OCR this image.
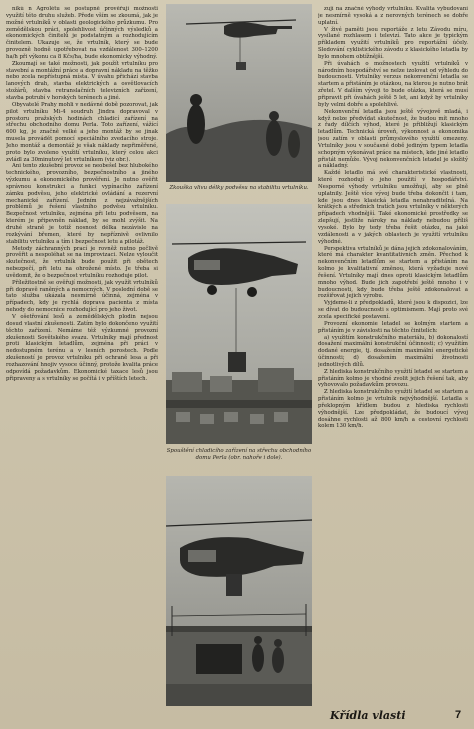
nikú n Agrolétu se postupně prověřují možnosti využití této druhu služeb. Přede vším se zkoumá, jak je možné vrtulníků v oblasti geologického průzkumu. Pro zemědělskou práci, spolehlivost účinných výsledků a ekonomických činitelů je podstatným a rozhodujícím činitelem. Ukazuje se, že vrtulník, který se bude provozně hodně upotřebovat na vzdálenost 300–1200 ha/h při výkonu ca 8 Kčs/ha, bude ekonomicky výhodný.

Zkoumají se také možnosti, jak použít vrtulníku pro stavební a montážní práce a dopravní nákladu na těžko nebo zcela nepřístupná místa. V úvahu přichází stavba lanových drah, stavba elektrických a osvětlovacích stožárů, stavba retranslačních televizních zařízení, stavba potrubí v horských terénech a jiné.

Obyvatelé Prahy mohli v nedávné době pozorovat, jak pilot vrtulníku Mi-4 soudruh Jindra dopravoval v prostoru pražských hodinách chladicí zařízení na střechu obchodního domu Perla. Toto zařízení, vážící 600 kg, je značně velké a jeho montáž by se jinak musela provádět pomocí speciálního zvedacího stroje. Jeho montáž a demontáž je však náklady nepřiměřené, proto bylo zvoleno využití vrtulníku, který celou akci zvládl za 30minutový let vrtulníkem (viz obr.).

Ani tento zkušební provoz se neobešel bez hlubokého technického, provozního, bezpečnostního a jiného výzkumu a ekonomického prověření. Je nutno ověřit správnou konstrukci a funkci vypínacího zařízení zámku podvěsu, jeho elektrické ovládání a rezervní mechanické zařízení. Jedním z nejzávažnějších problémů je řešení vlastního podvěsu vrtulníku. Bezpečnost vrtulníku, zejména při letu podvěsem, na kterém je připevněn náklad, by se mohl zvýšit. Na druhé straně je totiž nosnost délka nezávisle na rozkývání břemen, které by nepříznivě ovlivnilo stabilitu vrtulníku a tím i bezpečnost letu a pilotáž.

Metody záchranných prací je rovněž nutno pečlivě prověřit a nespoléhat se na improvizaci. Nelze vyloučit skutečnost, že vrtulník bude použit při obětech nebezpečí, při letu na ohrožené místo. Je třeba si uvědomit, že o bezpečnost vrtulníku rozhoduje pilot.

Příležitostně se ověřují možnosti, jak využít vrtulníků při dopravě raněných a nemocných. V poslední době se tato služba ukázala nesmírně účinná, zejména v případech, kdy je rychlá doprava pacienta z místa nehody do nemocnice rozhodující pro jeho život.

V ošetřování lesů a zemědělských plodin nejsou dosud vlastní zkušenosti. Zatím bylo dokončeno využití těchto zařízení. Nemáme též výzkumné provozní zkušenosti Sovětského svazu. Vrtulníky mají přednost proti klasickým letadlům, zejména při práci v nedostupném terénu a v lesních porostech. Podle zkušeností je provoz vrtulníku při ochraně lesa a při rozhazování hnojiv vysoce účinný, protože kvalita práce odpovídá požadavkům. Ekonomické taxace lesů jsou připraveny a s vrtulníky se počítá i v příštích letech.

Zkouška vlivu délky podvěsu na stabilitu vrtulníku.
Spouštění chladicího zařízení na střechu obchodního domu Perla (obr. nahoře i dole).

zují na značné výhody vrtulníku. Kvalita vybudovaní je nesmírně vysoká a z nerovných terénech se dobře uplatní.

V živé paměti jsou reportáže z letu Závodu míru, vysílané rozhlasem i televizí. Tato akce je typickým příkladem využití vrtulníků pro reportážní účely. Sledování cyklistického závodu z klasického letadla by bylo mnohem obtížnější.

Při úvahách o možnostech využití vrtulníků v národním hospodářství se nelze izolovat od výhledu do budoucnosti. Vrtulníky verzus nekonvenční letadla se startem a přistáním je otázkou, na kterou je nutno brát zřetel. V dalším vývoji to bude otázka, která se musí připravit při úvahách ještě 5 let, ani když by vrtulníky byly velmi dobře a spolehlivé.

Nekonvenční letadla jsou ještě vývojově mladá, i když nelze předvídat skutečnost, že budou mít mnoho z řady dílčích výhod, které je přibližují klasickým letadlům. Technická úroveň, výkonnost a ekonomika jsou zatím v oblasti průmyslového využití omezeny. Vrtulníky jsou v současné době jediným typem letadla schopným vykonávat práce na místech, kde jiné letadlo přistát nemůže. Vývoj nekonvenčních letadel je složitý a nákladný.

Každé letadlo má své charakteristické vlastnosti, které rozhodují o jeho použití v hospodářství. Nesporné výhody vrtulníku umožňují, aby se plně uplatnily. Ještě více vývoj bude třeba dokončit i tam, kde jsou dnes klasická letadla nenahraditelná. Na krátkých a středních tratích jsou vrtulníky v některých případech vhodnější. Také ekonomické prostředky se zlepšují, jestliže nároky na náklady nebudou příliš vysoké. Bylo by tedy třeba řešit otázku, na jaké vzdálenosti a v jakých oblastech je využití vrtulníku výhodné.

Perspektiva vrtulníků je dána jejich zdokonalováním, které má charakter kvantitativních změn. Přechod k nekonvenčním letadlům se startem a přistáním na kolmo je kvalitativní změnou, která vyžaduje nové řešení. Vrtulníky mají dnes oproti klasickým letadlům mnoho výhod. Bude jich zapotřebí ještě mnoho i v budoucnosti, kdy bude třeba ještě zdokonalovat a rozšiřovat jejich výrobu.

Vyjdeme-li z předpokladů, které jsou k dispozici, lze se dívat do budoucnosti s optimismem. Mají proto své zcela specifické postavení.

Provozní ekonomie letadel se kolmým startem a přistáním je v závislosti na těchto činitelích:

a) využitím konstrukčního materiálu, b) dokonalostí dosažení maximální konstrukční účinnosti; c) využitím dodané energie, tj. dosažením maximální energetické účinnosti; d) dosažením maximální životnosti jednotlivých dílů.

Z hlediska konstrukčního využití letadel se startem a přistáním kolmo je vhodné zvolit jejich řešení tak, aby vyhovovalo požadavkům provozu.

Z hlediska konstrukčního využití letadel se startem a přistáním kolmo je vrtulník nejvýhodnější. Letadla s překlopným křídlem budou z hlediska rychlosti výhodnější. Lze předpokládat, že budoucí vývoj dosáhne rychlosti až 800 km/h a cestovní rychlosti kolem 130 km/h.

Křídla vlasti	7
